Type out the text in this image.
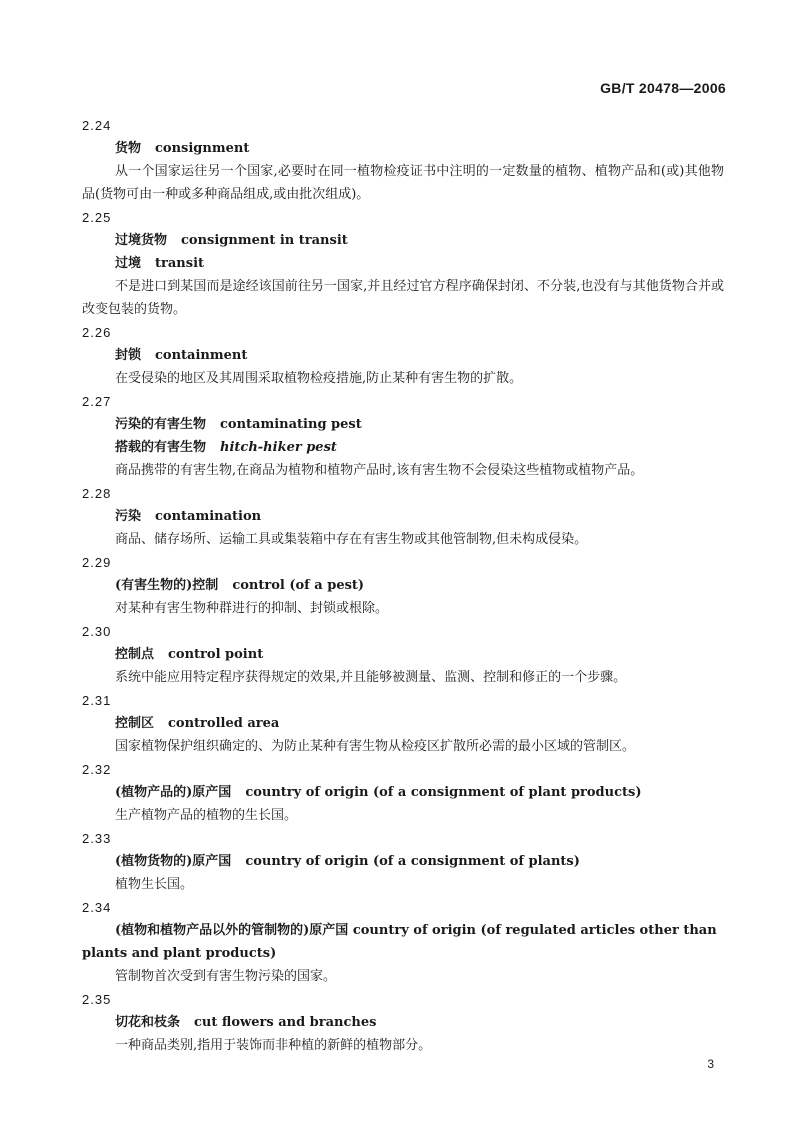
GB/T 20478—2006
2.24
货物 consignment
从一个国家运往另一个国家,必要时在同一植物检疫证书中注明的一定数量的植物、植物产品和(或)其他物品(货物可由一种或多种商品组成,或由批次组成)。
2.25
过境货物 consignment in transit
过境 transit
不是进口到某国而是途经该国前往另一国家,并且经过官方程序确保封闭、不分装,也没有与其他货物合并或改变包装的货物。
2.26
封锁 containment
在受侵染的地区及其周围采取植物检疫措施,防止某种有害生物的扩散。
2.27
污染的有害生物 contaminating pest
搭载的有害生物 hitch-hiker pest
商品携带的有害生物,在商品为植物和植物产品时,该有害生物不会侵染这些植物或植物产品。
2.28
污染 contamination
商品、储存场所、运输工具或集装箱中存在有害生物或其他管制物,但未构成侵染。
2.29
(有害生物的)控制 control (of a pest)
对某种有害生物种群进行的抑制、封锁或根除。
2.30
控制点 control point
系统中能应用特定程序获得规定的效果,并且能够被测量、监测、控制和修正的一个步骤。
2.31
控制区 controlled area
国家植物保护组织确定的、为防止某种有害生物从检疫区扩散所必需的最小区域的管制区。
2.32
(植物产品的)原产国 country of origin (of a consignment of plant products)
生产植物产品的植物的生长国。
2.33
(植物货物的)原产国 country of origin (of a consignment of plants)
植物生长国。
2.34
(植物和植物产品以外的管制物的)原产国 country of origin (of regulated articles other than plants and plant products)
管制物首次受到有害生物污染的国家。
2.35
切花和枝条 cut flowers and branches
一种商品类别,指用于装饰而非种植的新鲜的植物部分。
3
